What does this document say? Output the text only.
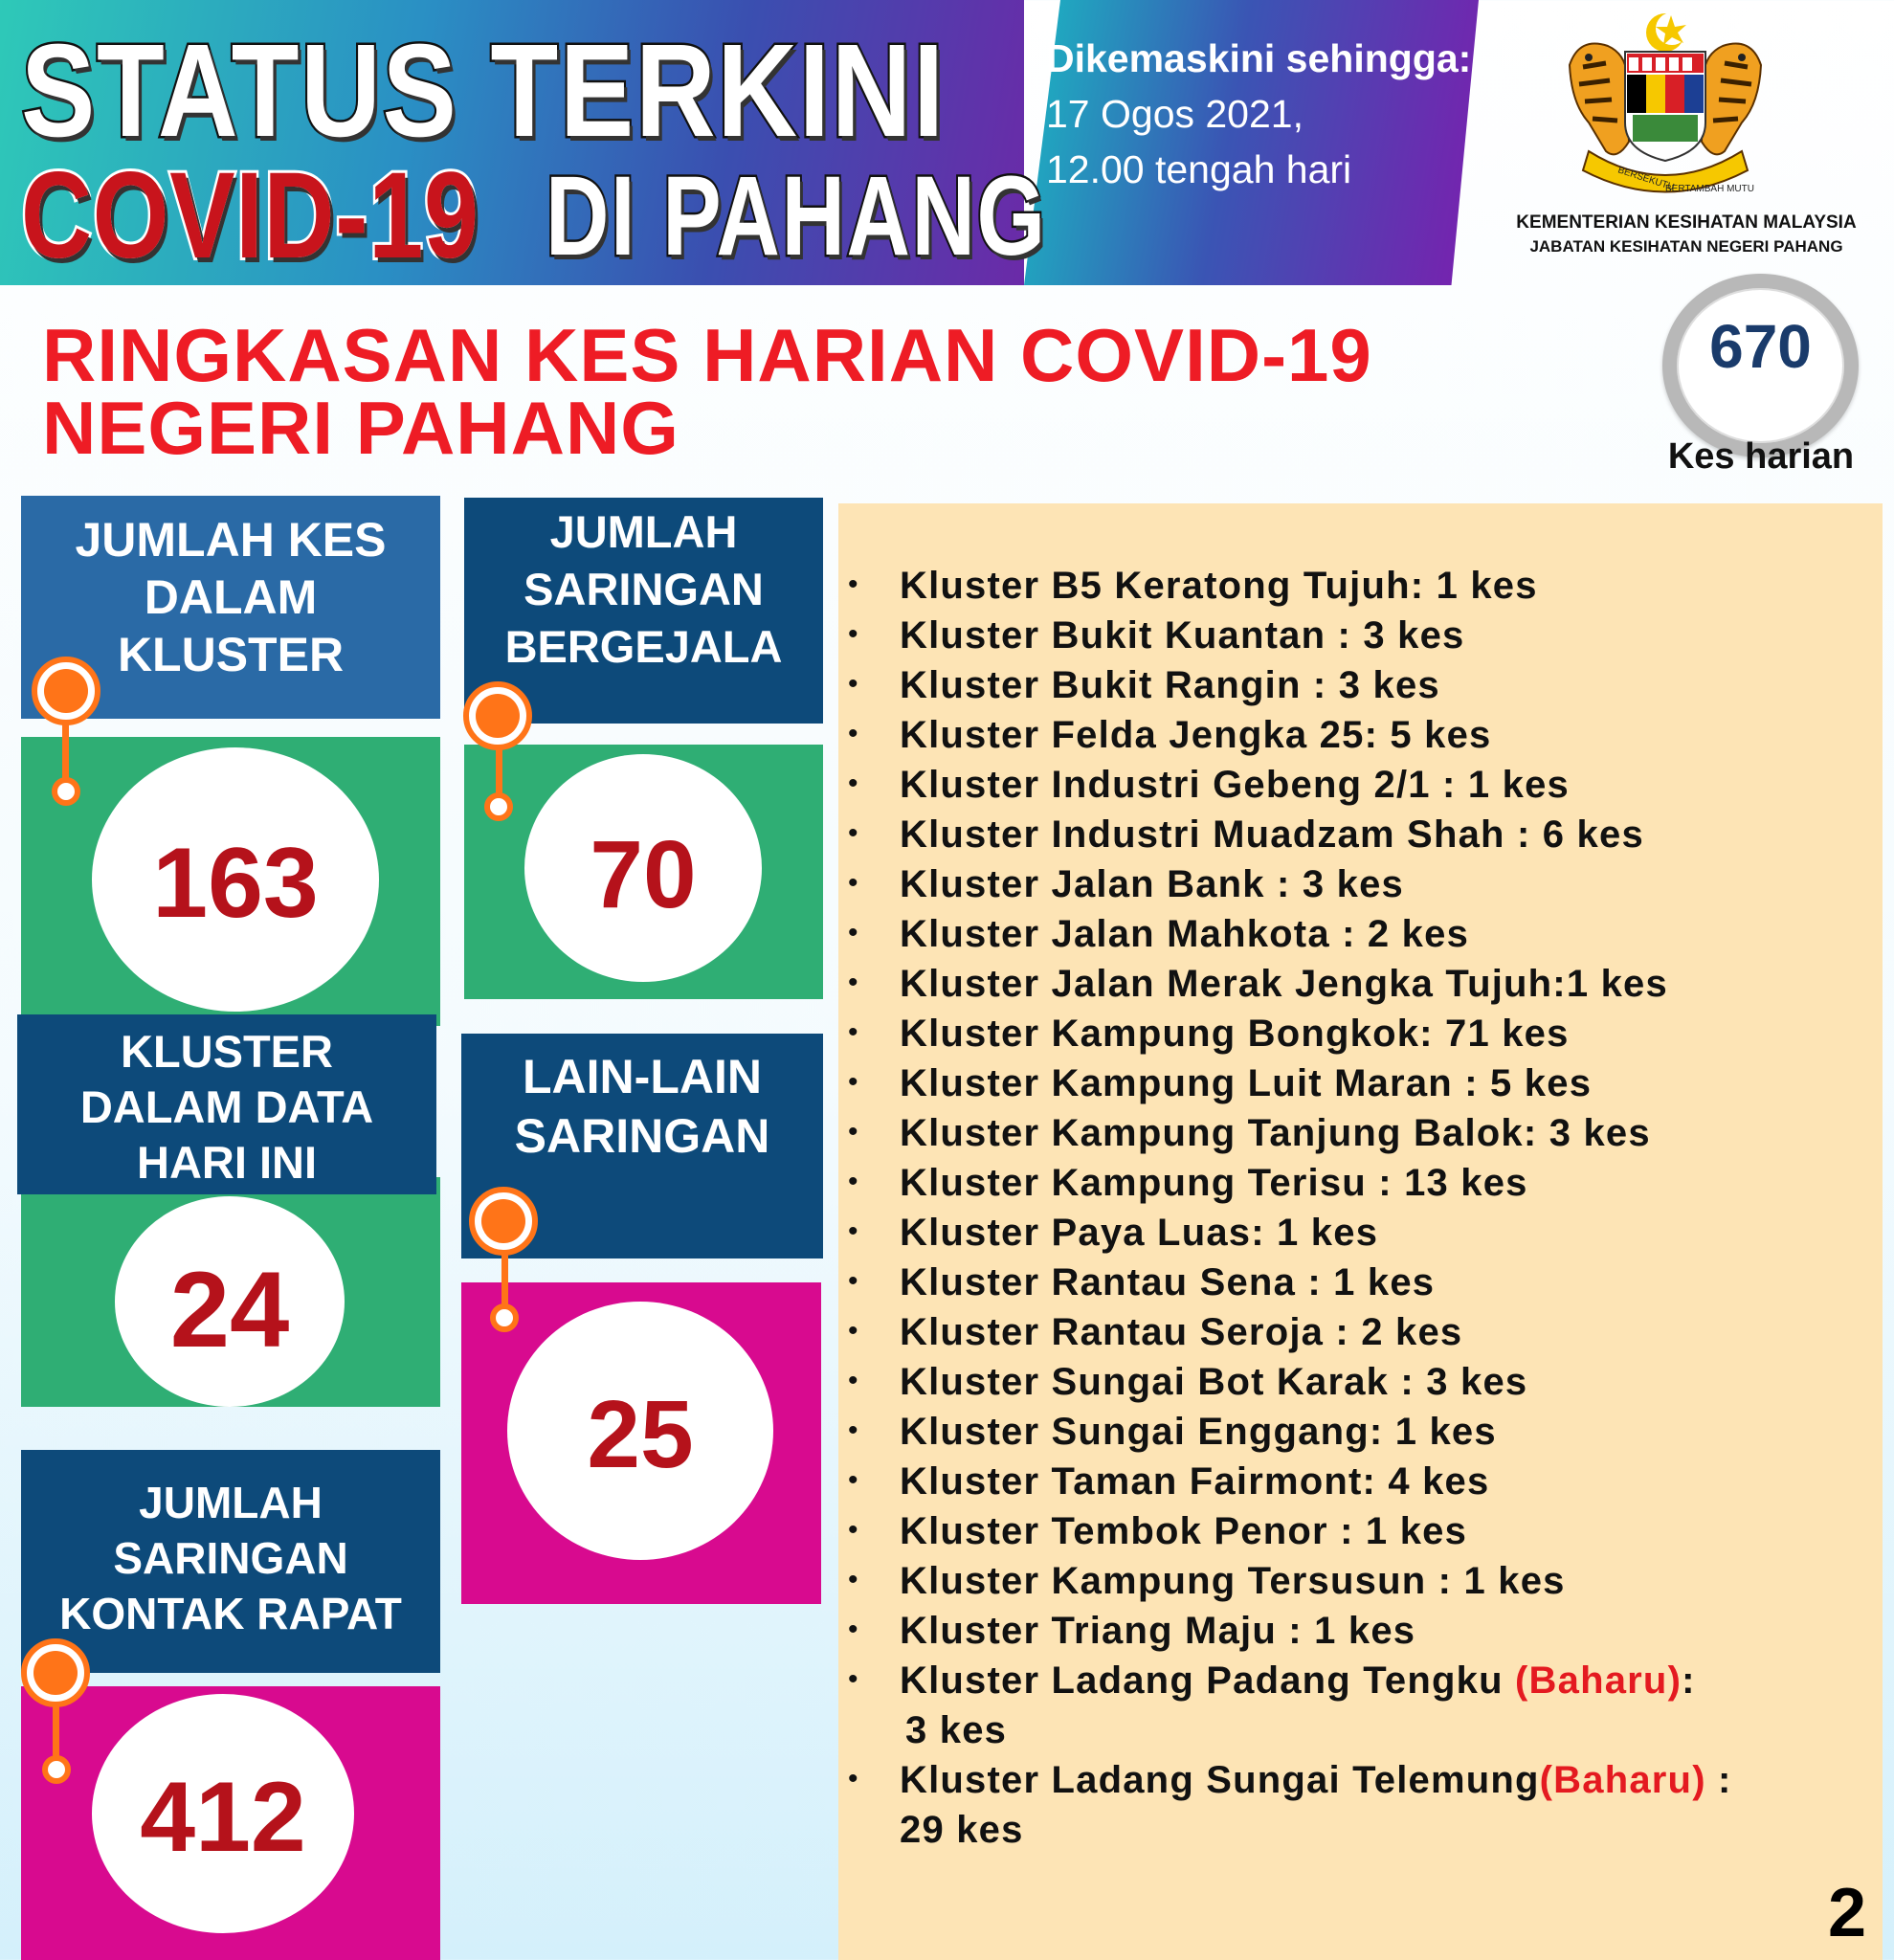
STATUS TERKINI
COVID-19 DI PAHANG
Dikemaskini sehingga:
17 Ogos 2021,
12.00 tengah hari	BERSEKUTU
BERTAMBAH MUTU
KEMENTERIAN KESIHATAN MALAYSIA
JABATAN KESIHATAN NEGERI PAHANG
RINGKASAN KES HARIAN COVID-19
NEGERI PAHANG
670
Kes harian
JUMLAH KES
DALAM
KLUSTER
163
KLUSTER
DALAM DATA
HARI INI
24
JUMLAH
SARINGAN
KONTAK RAPAT
412
JUMLAH
SARINGAN
BERGEJALA
70
LAIN-LAIN
SARINGAN
25
• Kluster B5 Keratong Tujuh: 1 kes
• Kluster Bukit Kuantan : 3 kes
• Kluster Bukit Rangin : 3 kes
• Kluster Felda Jengka 25: 5 kes
• Kluster Industri Gebeng 2/1 : 1 kes
• Kluster Industri Muadzam Shah : 6 kes
• Kluster Jalan Bank : 3 kes
• Kluster Jalan Mahkota : 2 kes
• Kluster Jalan Merak Jengka Tujuh:1 kes
• Kluster Kampung Bongkok: 71 kes
• Kluster Kampung Luit Maran : 5 kes
• Kluster Kampung Tanjung Balok: 3 kes
• Kluster Kampung Terisu : 13 kes
• Kluster Paya Luas: 1 kes
• Kluster Rantau Sena : 1 kes
• Kluster Rantau Seroja : 2 kes
• Kluster Sungai Bot Karak : 3 kes
• Kluster Sungai Enggang: 1 kes
• Kluster Taman Fairmont: 4 kes
• Kluster Tembok Penor : 1 kes
• Kluster Kampung Tersusun : 1 kes
• Kluster Triang Maju : 1 kes
• Kluster Ladang Padang Tengku (Baharu):
3 kes
• Kluster Ladang Sungai Telemung(Baharu) :
29 kes
2
